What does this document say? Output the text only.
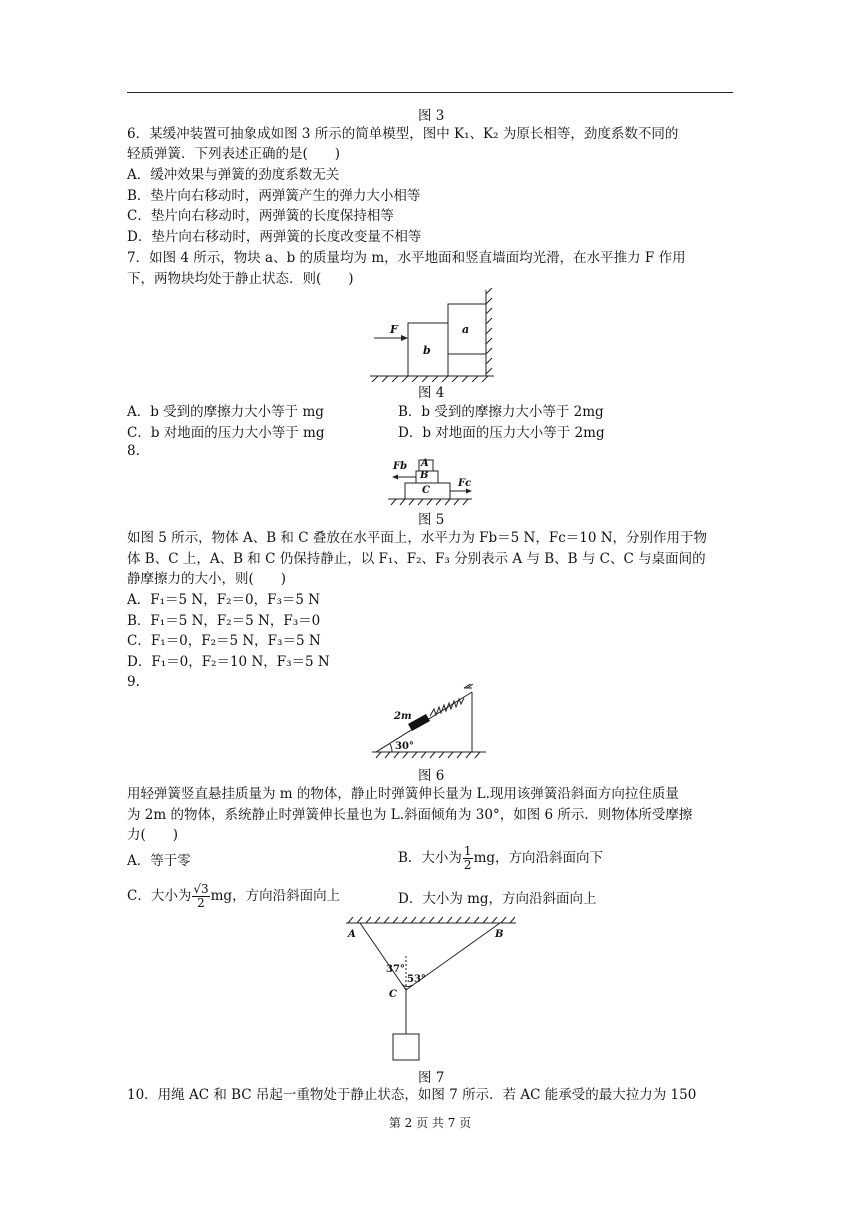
图 3
6．某缓冲装置可抽象成如图 3 所示的简单模型，图中 K₁、K₂ 为原长相等，劲度系数不同的
轻质弹簧．下列表述正确的是(　　)
A．缓冲效果与弹簧的劲度系数无关
B．垫片向右移动时，两弹簧产生的弹力大小相等
C．垫片向右移动时，两弹簧的长度保持相等
D．垫片向右移动时，两弹簧的长度改变量不相等
7．如图 4 所示，物块 a、b 的质量均为 m，水平地面和竖直墙面均光滑，在水平推力 F 作用
下，两物块均处于静止状态．则(　　)
F	a
b
图 4
A．b 受到的摩擦力大小等于 mg	B．b 受到的摩擦力大小等于 2mg
C．b 对地面的压力大小等于 mg	D．b 对地面的压力大小等于 2mg
8.
Fb
Fc
A
B
C
图 5
如图 5 所示，物体 A、B 和 C 叠放在水平面上，水平力为 Fb＝5 N，Fc＝10 N，分别作用于物
体 B、C 上，A、B 和 C 仍保持静止，以 F₁、F₂、F₃ 分别表示 A 与 B、B 与 C、C 与桌面间的
静摩擦力的大小，则(　　)
A．F₁＝5 N，F₂＝0，F₃＝5 N
B．F₁＝5 N，F₂＝5 N，F₃＝0
C．F₁＝0，F₂＝5 N，F₃＝5 N
D．F₁＝0，F₂＝10 N，F₃＝5 N
9.
2m
30°
图 6
用轻弹簧竖直悬挂质量为 m 的物体，静止时弹簧伸长量为 L.现用该弹簧沿斜面方向拉住质量
为 2m 的物体，系统静止时弹簧伸长量也为 L.斜面倾角为 30°，如图 6 所示．则物体所受摩擦
力(　　)
A．等于零	B．大小为 $\frac{1}{2}$ mg，方向沿斜面向下
C．大小为 $\frac{√3}{2}$ mg，方向沿斜面向上	D．大小为 mg，方向沿斜面向上
A	B
C
37°
53°
图 7
10．用绳 AC 和 BC 吊起一重物处于静止状态，如图 7 所示．若 AC 能承受的最大拉力为 150
第 2 页 共 7 页
